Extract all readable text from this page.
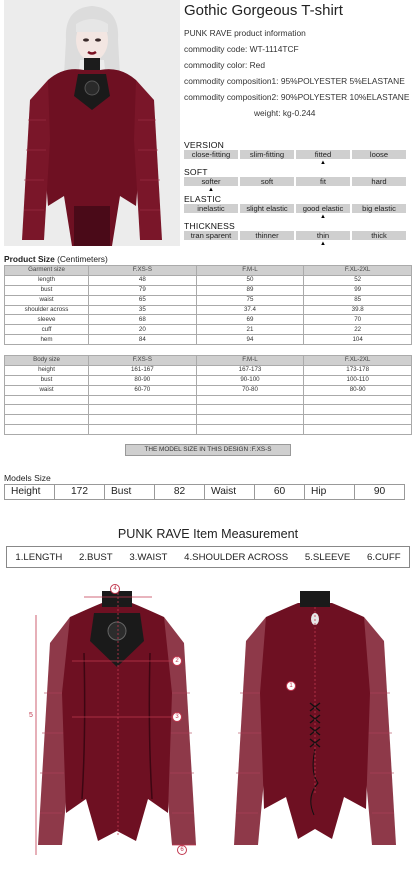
Gothic Gorgeous T-shirt
PUNK RAVE product information
commodity code: WT-1114TCF
commodity color: Red
commodity composition1: 95%POLYESTER 5%ELASTANE
commodity composition2: 90%POLYESTER 10%ELASTANE
weight: kg-0.244
VERSION
close-fitting	slim-fitting	fitted	loose
▲
SOFT
softer	soft	fit	hard
▲
ELASTIC
inelastic	slight elastic	good elastic	big elastic
▲
THICKNESS
tran sparent	thinner	thin	thick
▲
Product Size (Centimeters)
Garment size	F.XS-S	F.M-L	F.XL-2XL
length	48	50	52
bust	79	89	99
waist	65	75	85
shoulder across	35	37.4	39.8
sleeve	68	69	70
cuff	20	21	22
hem	84	94	104
Body size	F.XS-S	F.M-L	F.XL-2XL
height	161-167	167-173	173-178
bust	80-90	90-100	100-110
waist	60-70	70-80	80-90

THE MODEL SIZE IN THIS DESIGN :F.XS-S
Models Size
Height	172	Bust	82	Waist	60	Hip	90
PUNK RAVE Item Measurement
1.LENGTH 2.BUST 3.WAIST 4.SHOULDER ACROSS 5.SLEEVE 6.CUFF
4
2
3
5
6
1
